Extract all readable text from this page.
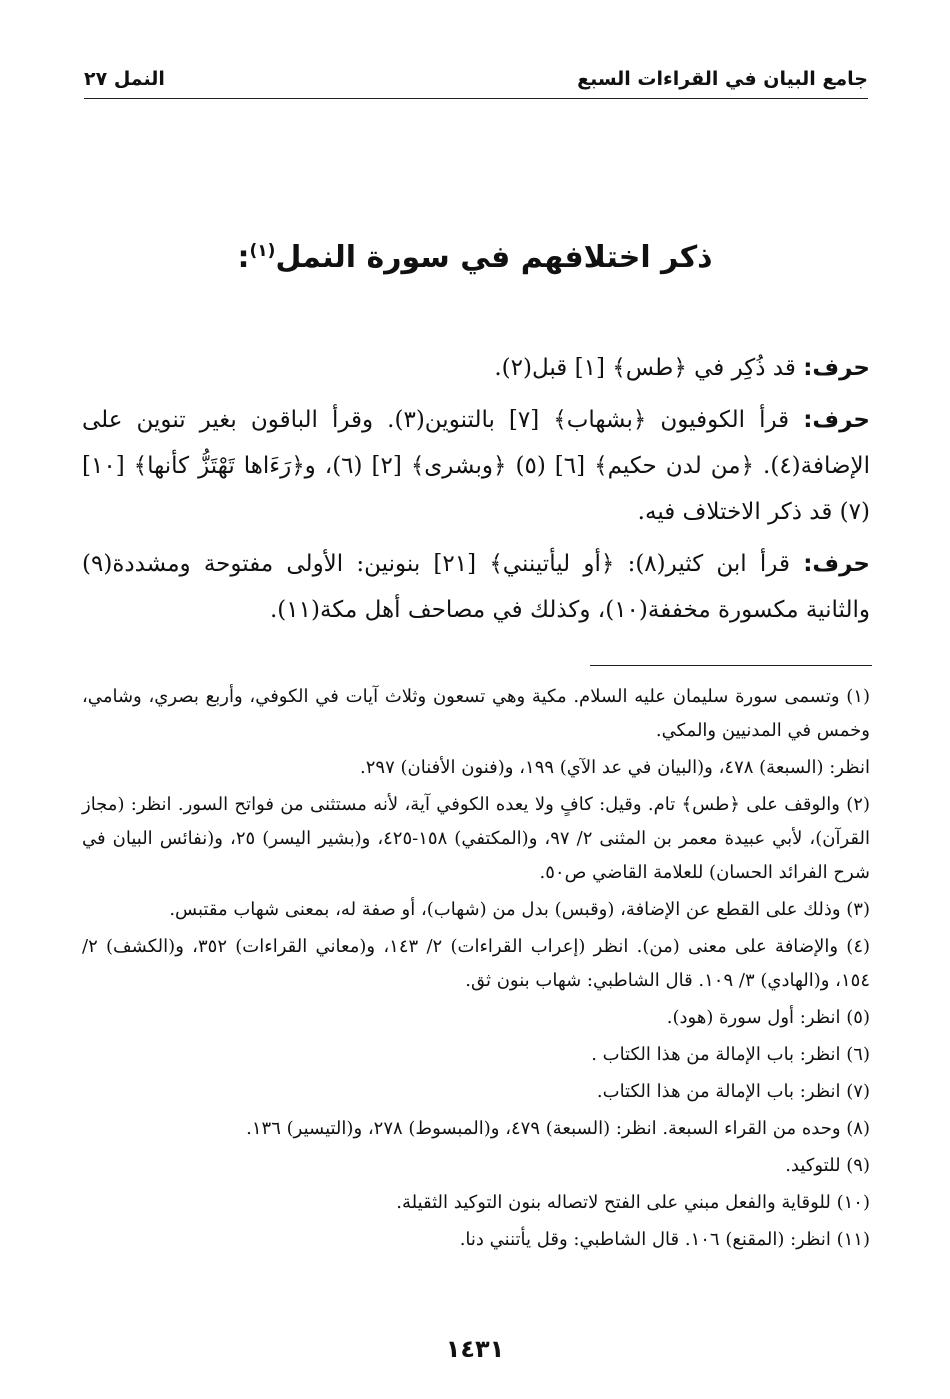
جامع البيان في القراءات السبع
النمل ٢٧
ذكر اختلافهم في سورة النمل$^{(١)}$:

حرف: قد ذُكِر في ﴿طس﴾ [١] قبل(٢).

حرف: قرأ الكوفيون ﴿بشهاب﴾ [٧] بالتنوين(٣). وقرأ الباقون بغير تنوين على الإضافة(٤). ﴿من لدن حكيم﴾ [٦] (٥) ﴿وبشرى﴾ [٢] (٦)، و﴿رَءَاها تَهْتَزُّ كأنها﴾ [١٠] (٧) قد ذكر الاختلاف فيه.

حرف: قرأ ابن كثير(٨): ﴿أو ليأتينني﴾ [٢١] بنونين: الأولى مفتوحة ومشددة(٩) والثانية مكسورة مخففة(١٠)، وكذلك في مصاحف أهل مكة(١١).

(١) وتسمى سورة سليمان عليه السلام. مكية وهي تسعون وثلاث آيات في الكوفي، وأربع بصري، وشامي، وخمس في المدنيين والمكي.

انظر: (السبعة) ٤٧٨، و(البيان في عد الآي) ١٩٩، و(فنون الأفنان) ٢٩٧.

(٢) والوقف على ﴿طس﴾ تام. وقيل: كافٍ ولا يعده الكوفي آية، لأنه مستثنى من فواتح السور. انظر: (مجاز القرآن)، لأبي عبيدة معمر بن المثنى ٢/ ٩٧، و(المكتفي) ١٥٨-٤٢٥، و(بشير اليسر) ٢٥، و(نفائس البيان في شرح الفرائد الحسان) للعلامة القاضي ص٥٠.

(٣) وذلك على القطع عن الإضافة، (وقبس) بدل من (شهاب)، أو صفة له، بمعنى شهاب مقتبس.

(٤) والإضافة على معنى (من). انظر (إعراب القراءات) ٢/ ١٤٣، و(معاني القراءات) ٣٥٢، و(الكشف) ٢/ ١٥٤، و(الهادي) ٣/ ١٠٩. قال الشاطبي: شهاب بنون ثق.

(٥) انظر: أول سورة (هود).

(٦) انظر: باب الإمالة من هذا الكتاب .

(٧) انظر: باب الإمالة من هذا الكتاب.

(٨) وحده من القراء السبعة. انظر: (السبعة) ٤٧٩، و(المبسوط) ٢٧٨، و(التيسير) ١٣٦.

(٩) للتوكيد.

(١٠) للوقاية والفعل مبني على الفتح لاتصاله بنون التوكيد الثقيلة.

(١١) انظر: (المقنع) ١٠٦. قال الشاطبي: وقل يأتنني دنا.

١٤٣١
